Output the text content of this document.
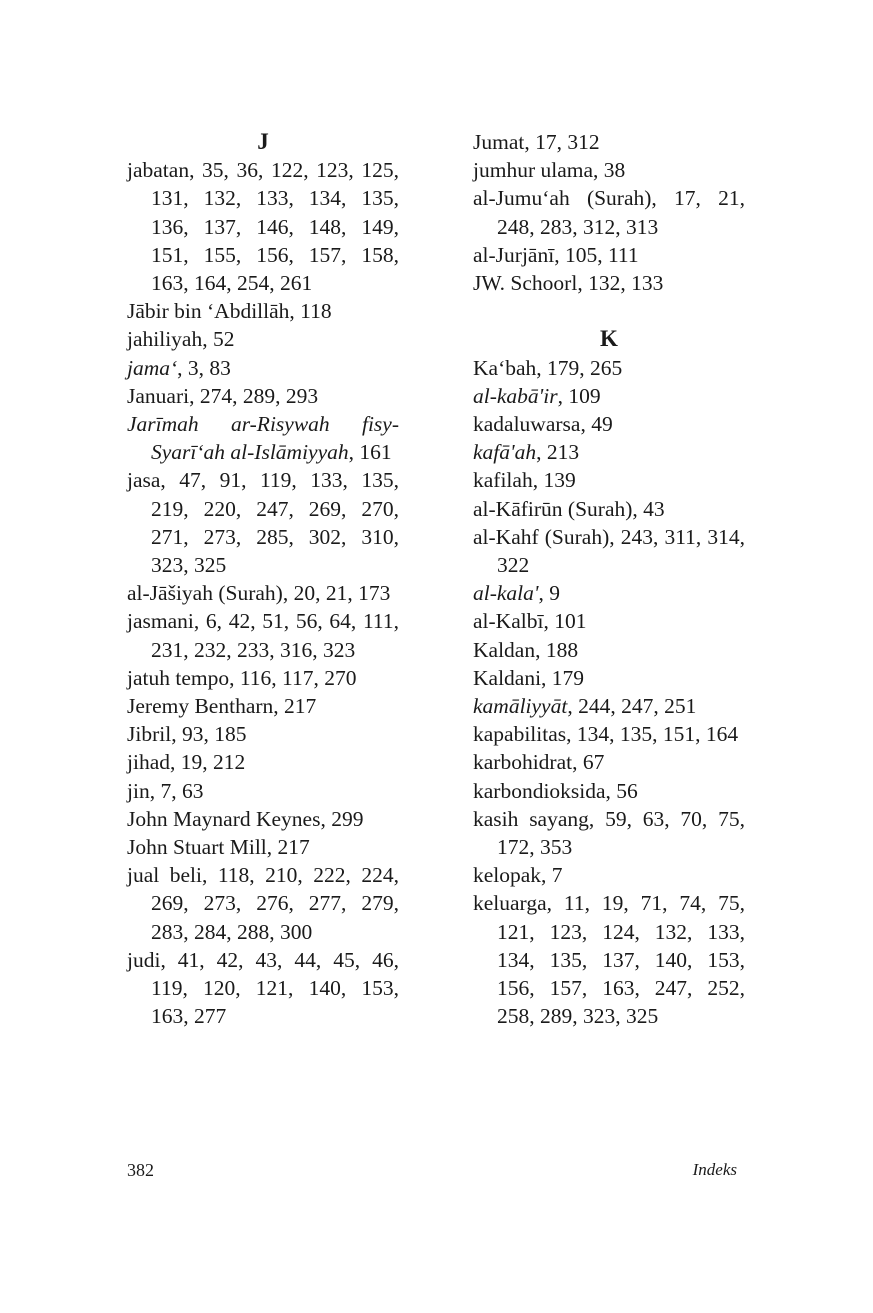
J
jabatan, 35, 36, 122, 123, 125, 131, 132, 133, 134, 135, 136, 137, 146, 148, 149, 151, 155, 156, 157, 158, 163, 164, 254, 261
Jābir bin ‘Abdillāh, 118
jahiliyah, 52
jama‘, 3, 83
Januari, 274, 289, 293
Jarīmah ar-Risywah fisy-Syarī‘ah al-Islāmiyyah, 161
jasa, 47, 91, 119, 133, 135, 219, 220, 247, 269, 270, 271, 273, 285, 302, 310, 323, 325
al-Jāšiyah (Surah), 20, 21, 173
jasmani, 6, 42, 51, 56, 64, 111, 231, 232, 233, 316, 323
jatuh tempo, 116, 117, 270
Jeremy Bentharn, 217
Jibril, 93, 185
jihad, 19, 212
jin, 7, 63
John Maynard Keynes, 299
John Stuart Mill, 217
jual beli, 118, 210, 222, 224, 269, 273, 276, 277, 279, 283, 284, 288, 300
judi, 41, 42, 43, 44, 45, 46, 119, 120, 121, 140, 153, 163, 277
Jumat, 17, 312
jumhur ulama, 38
al-Jumu‘ah (Surah), 17, 21, 248, 283, 312, 313
al-Jurjānī, 105, 111
JW. Schoorl, 132, 133
K
Ka‘bah, 179, 265
al-kabā'ir, 109
kadaluwarsa, 49
kafā'ah, 213
kafilah, 139
al-Kāfirūn (Surah), 43
al-Kahf (Surah), 243, 311, 314, 322
al-kala', 9
al-Kalbī, 101
Kaldan, 188
Kaldani, 179
kamāliyyāt, 244, 247, 251
kapabilitas, 134, 135, 151, 164
karbohidrat, 67
karbondioksida, 56
kasih sayang, 59, 63, 70, 75, 172, 353
kelopak, 7
keluarga, 11, 19, 71, 74, 75, 121, 123, 124, 132, 133, 134, 135, 137, 140, 153, 156, 157, 163, 247, 252, 258, 289, 323, 325
382	Indeks
